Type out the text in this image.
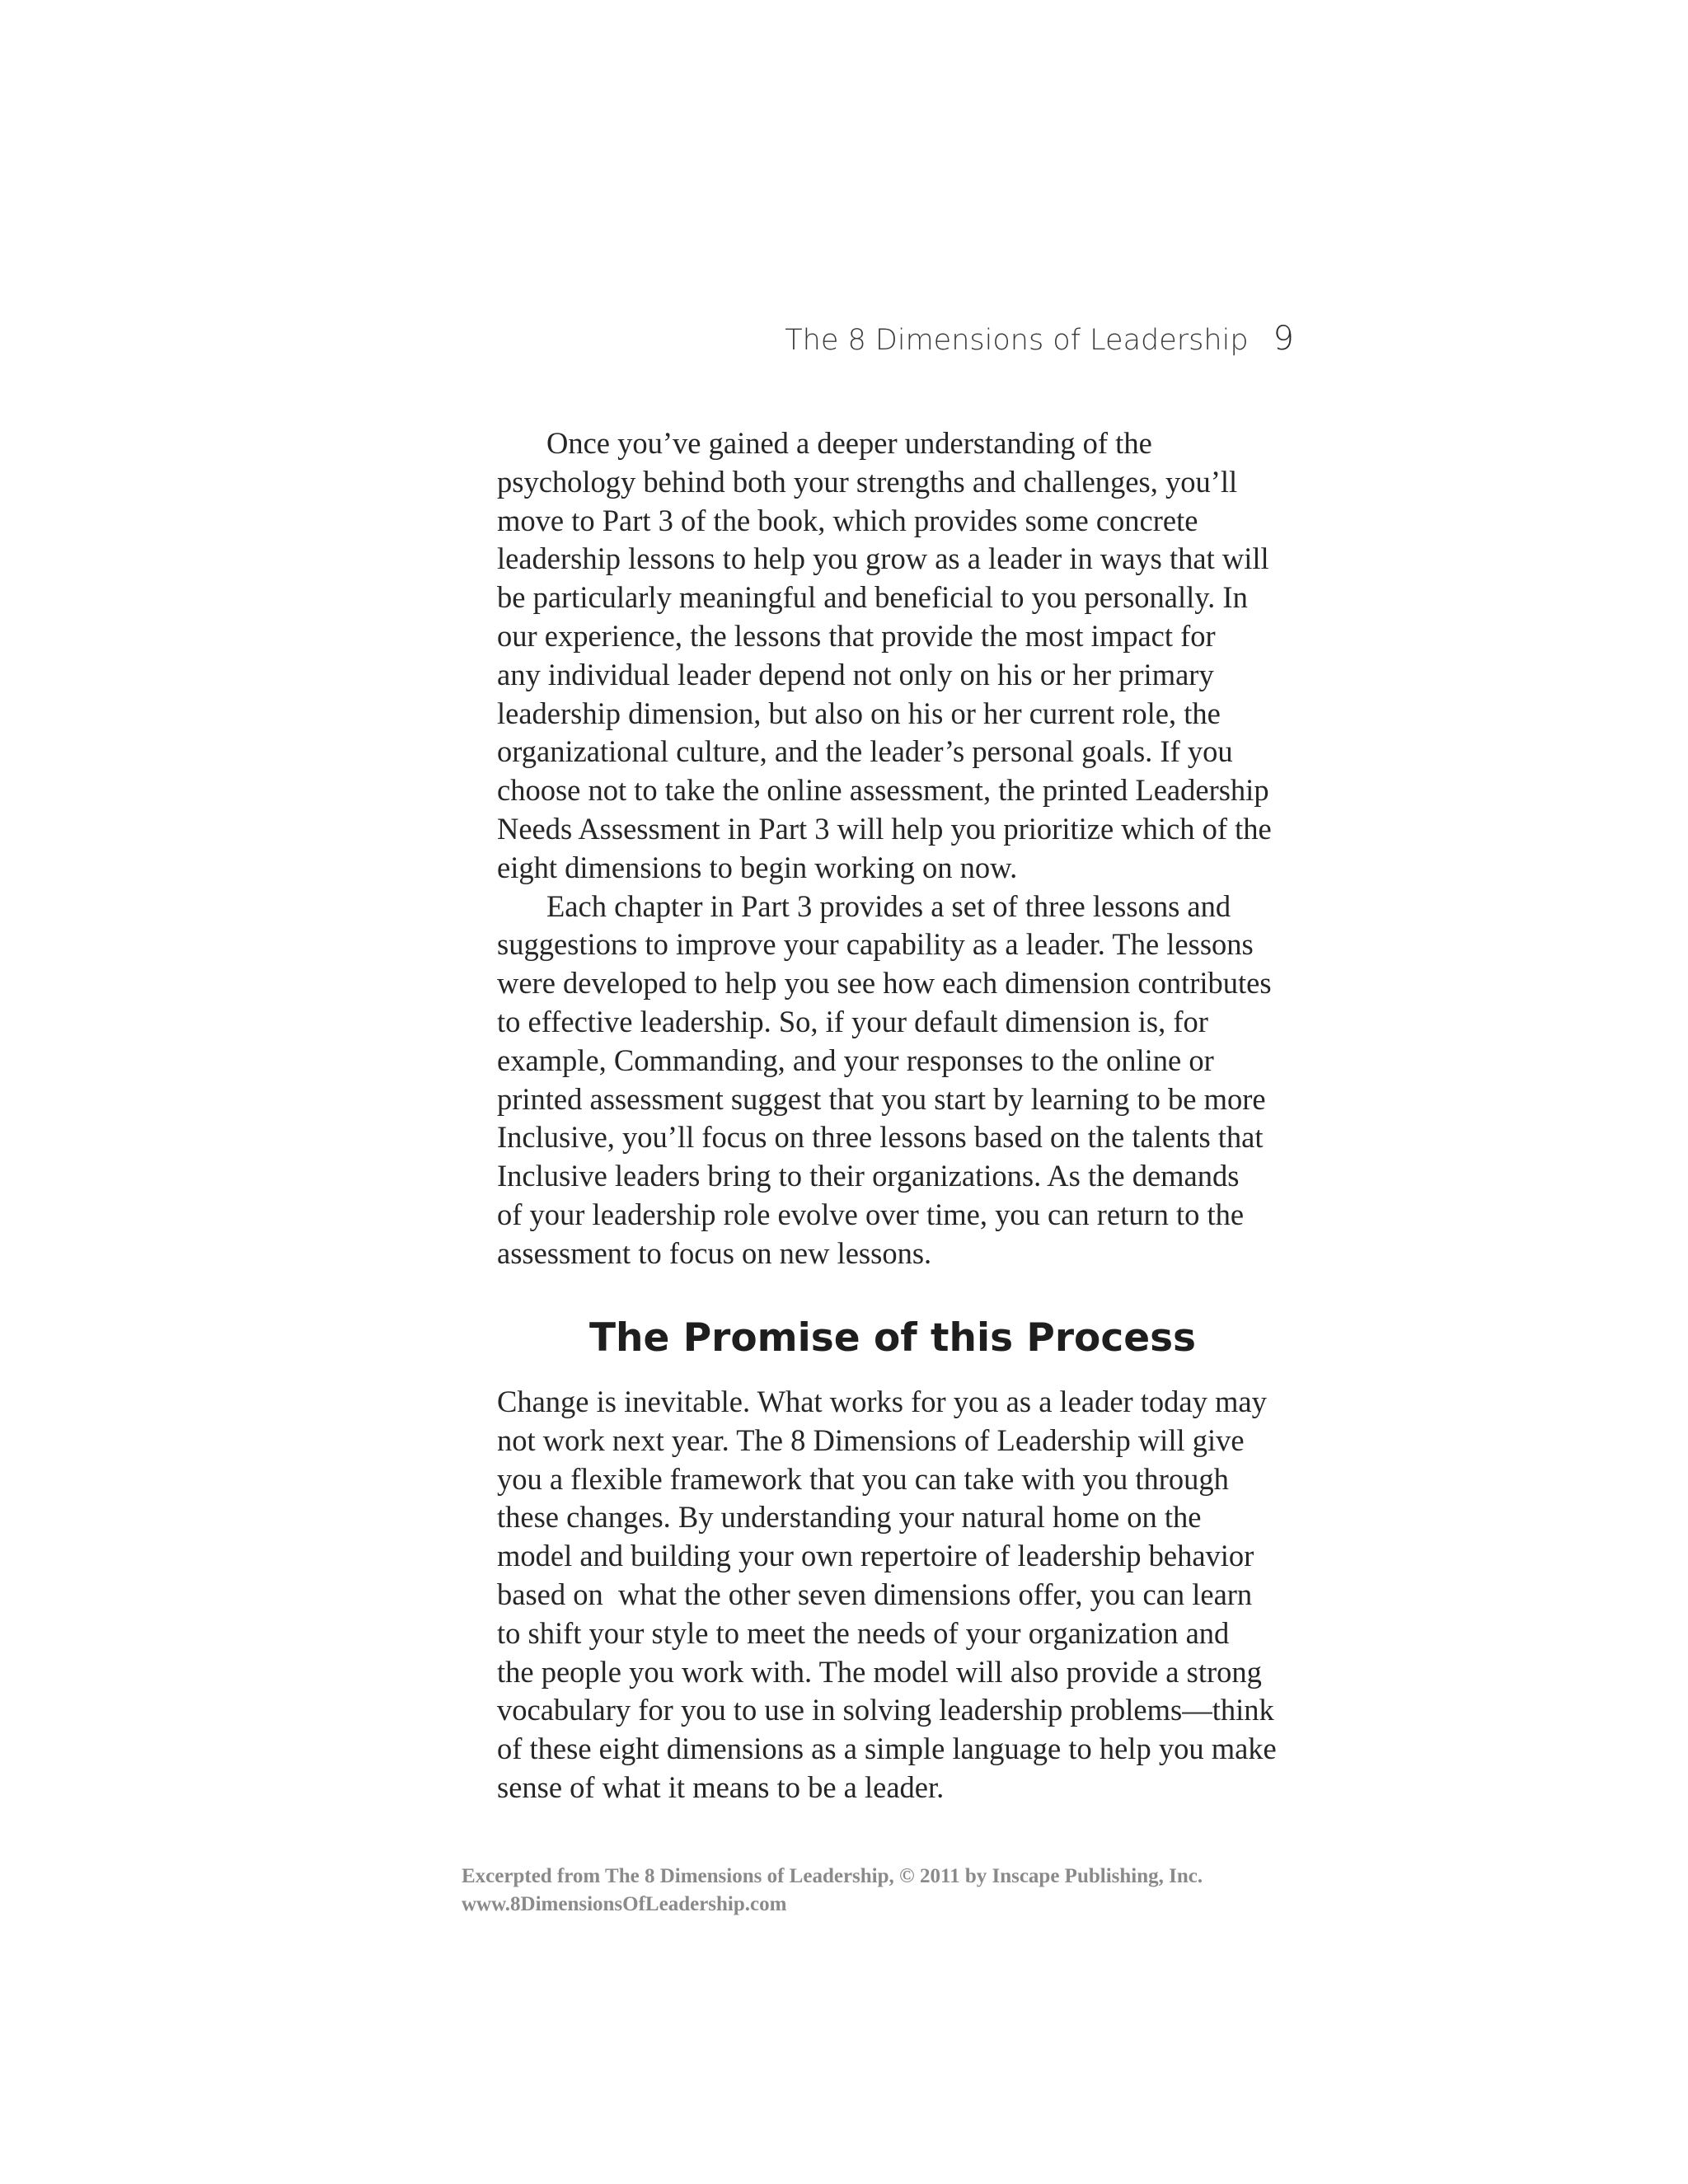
The 8 Dimensions of Leadership 9

Once you’ve gained a deeper understanding of the

psychology behind both your strengths and challenges, you’ll

move to Part 3 of the book, which provides some concrete

leadership lessons to help you grow as a leader in ways that will

be particularly meaningful and beneficial to you personally. In

our experience, the lessons that provide the most impact for

any individual leader depend not only on his or her primary

leadership dimension, but also on his or her current role, the

organizational culture, and the leader’s personal goals. If you

choose not to take the online assessment, the printed Leadership

Needs Assessment in Part 3 will help you prioritize which of the

eight dimensions to begin working on now.

Each chapter in Part 3 provides a set of three lessons and

suggestions to improve your capability as a leader. The lessons

were developed to help you see how each dimension contributes

to effective leadership. So, if your default dimension is, for

example, Commanding, and your responses to the online or

printed assessment suggest that you start by learning to be more

Inclusive, you’ll focus on three lessons based on the talents that

Inclusive leaders bring to their organizations. As the demands

of your leadership role evolve over time, you can return to the

assessment to focus on new lessons.

The Promise of this Process

Change is inevitable. What works for you as a leader today may

not work next year. The 8 Dimensions of Leadership will give

you a flexible framework that you can take with you through

these changes. By understanding your natural home on the

model and building your own repertoire of leadership behavior

based on  what the other seven dimensions offer, you can learn

to shift your style to meet the needs of your organization and

the people you work with. The model will also provide a strong

vocabulary for you to use in solving leadership problems—think

of these eight dimensions as a simple language to help you make

sense of what it means to be a leader.

Excerpted from The 8 Dimensions of Leadership, © 2011 by Inscape Publishing, Inc.
www.8DimensionsOfLeadership.com
